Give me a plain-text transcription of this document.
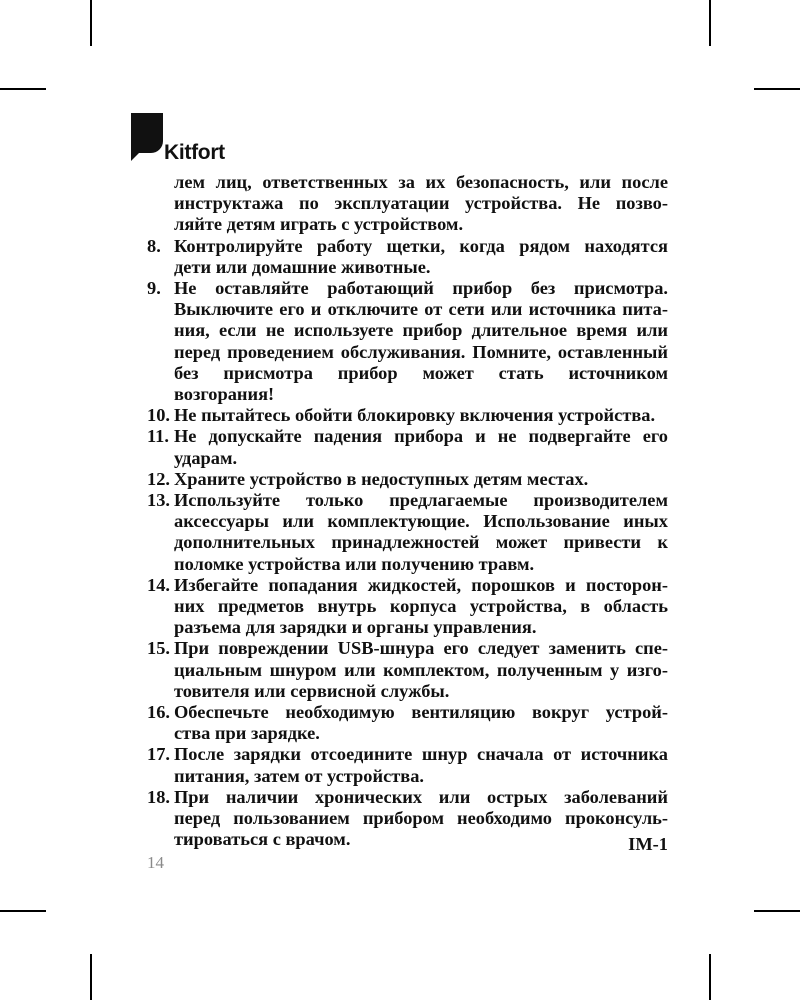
Kitfort
лем лиц, ответственных за их безопасность, или после
инструктажа по эксплуатации устройства. Не позво-
ляйте детям играть с устройством.
8. Контролируйте работу щетки, когда рядом находятся
дети или домашние животные.
9. Не оставляйте работающий прибор без присмотра.
Выключите его и отключите от сети или источника пита-
ния, если не используете прибор длительное время или
перед проведением обслуживания. Помните, оставленный
без присмотра прибор может стать источником возгорания!
10. Не пытайтесь обойти блокировку включения устройства.
11. Не допускайте падения прибора и не подвергайте его
ударам.
12. Храните устройство в недоступных детям местах.
13. Используйте только предлагаемые производителем
аксессуары или комплектующие. Использование иных
дополнительных принадлежностей может привести к
поломке устройства или получению травм.
14. Избегайте попадания жидкостей, порошков и посторон-
них предметов внутрь корпуса устройства, в область
разъема для зарядки и органы управления.
15. При повреждении USB-шнура его следует заменить спе-
циальным шнуром или комплектом, полученным у изго-
товителя или сервисной службы.
16. Обеспечьте необходимую вентиляцию вокруг устрой-
ства при зарядке.
17. После зарядки отсоедините шнур сначала от источника
питания, затем от устройства.
18. При наличии хронических или острых заболеваний
перед пользованием прибором необходимо проконсуль-
тироваться с врачом.	IM-1
14
